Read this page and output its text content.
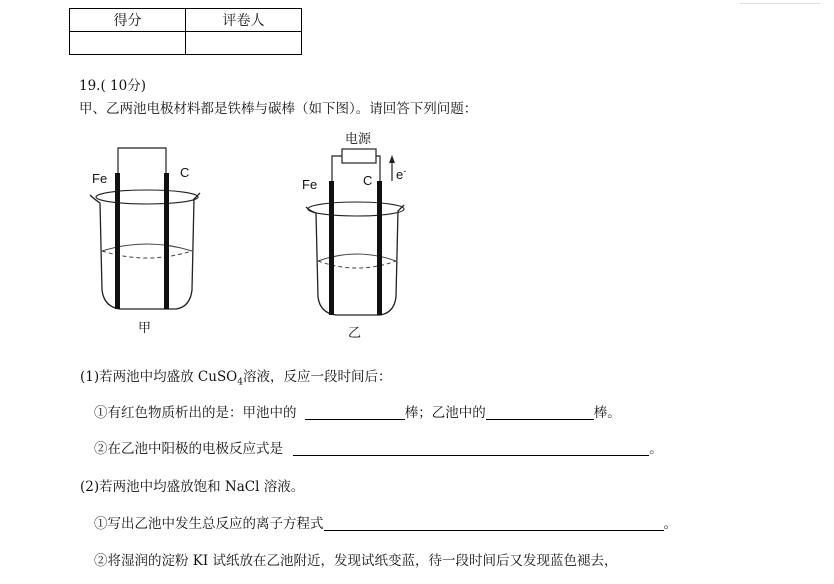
得分	评卷人

19.( 10分)
甲、乙两池电极材料都是铁棒与碳棒（如下图）。请回答下列问题：
Fe	C
甲
电源
Fe	C e-
乙
(1)若两池中均盛放 CuSO$_4$溶液，反应一段时间后：
①有红色物质析出的是：甲池中的	棒；乙池中的	棒。
②在乙池中阳极的电极反应式是	。
(2)若两池中均盛放饱和 NaCl 溶液。
①写出乙池中发生总反应的离子方程式	。
②将湿润的淀粉 KI 试纸放在乙池附近，发现试纸变蓝，待一段时间后又发现蓝色褪去，
